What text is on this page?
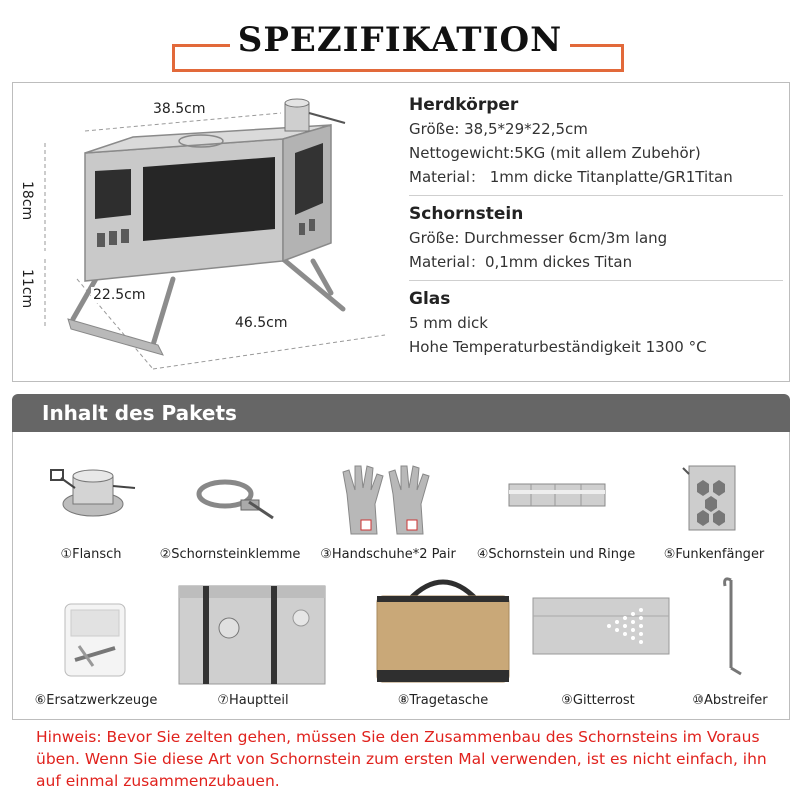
SPEZIFIKATION
38.5cm
18cm
11cm	22.5cm
46.5cm
Herdkörper
Größe: 38,5*29*22,5cm
Nettogewicht:5KG (mit allem Zubehör)
Material： 1mm dicke Titanplatte/GR1Titan
Schornstein
Größe: Durchmesser 6cm/3m lang
Material：0,1mm dickes Titan
Glas
5 mm dick
Hohe Temperaturbeständigkeit 1300 °C
Inhalt des Pakets
①Flansch	②Schornsteinklemme	③Handschuhe*2 Pair	④Schornstein und Ringe	⑤Funkenfänger
⑥Ersatzwerkzeuge	⑦Hauptteil	⑧Tragetasche	⑨Gitterrost	⑩Abstreifer
Hinweis: Bevor Sie zelten gehen, müssen Sie den Zusammenbau des Schornsteins im Voraus üben. Wenn Sie diese Art von Schornstein zum ersten Mal verwenden, ist es nicht einfach, ihn auf einmal zusammenzubauen.
